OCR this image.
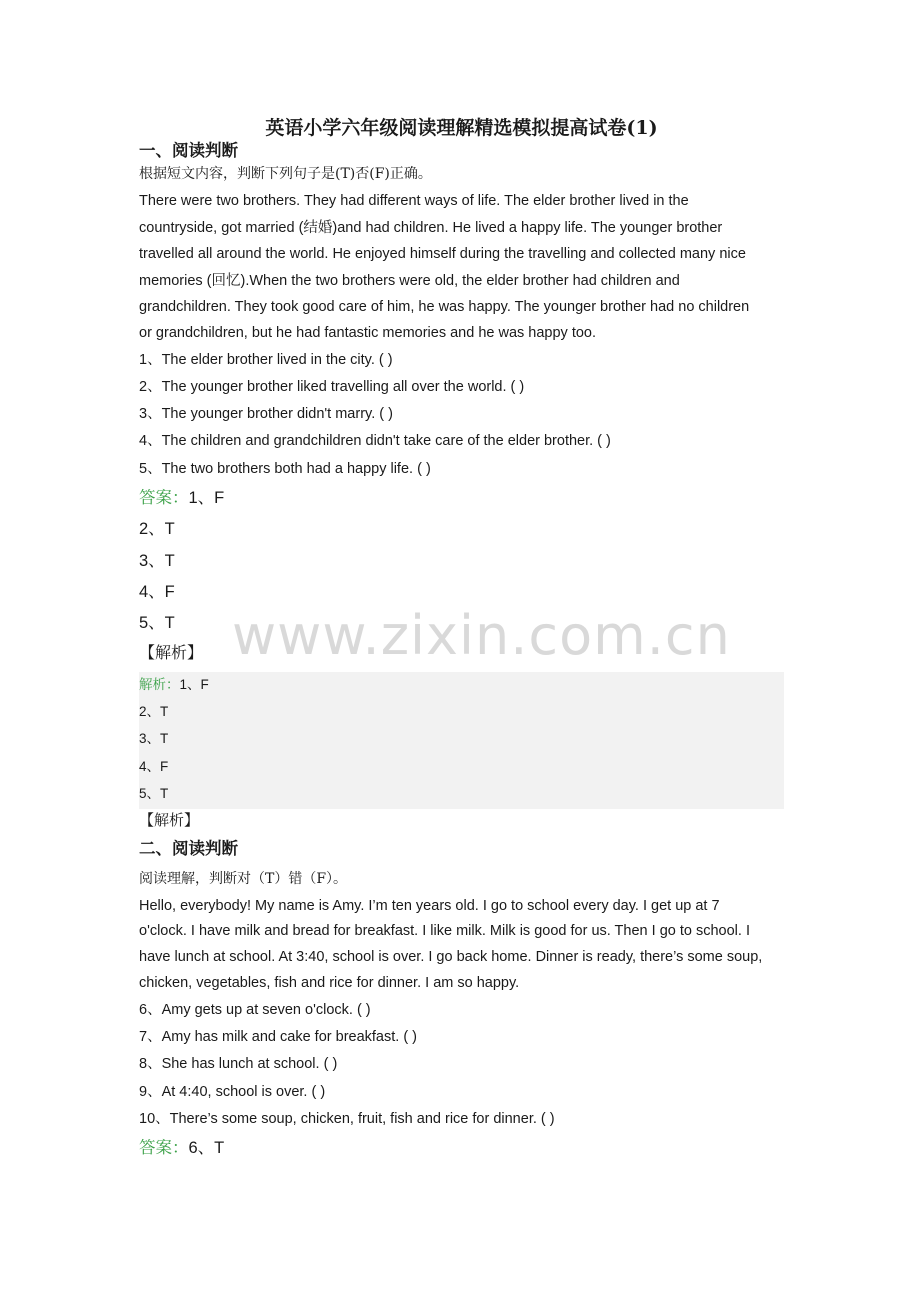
英语小学六年级阅读理解精选模拟提高试卷(1)
一、阅读判断
根据短文内容，判断下列句子是(T)否(F)正确。
There were two brothers. They had different ways of life. The elder brother lived in the
countryside, got married (结婚)and had children. He lived a happy life. The younger brother
travelled all around the world. He enjoyed himself during the travelling and collected many nice
memories (回忆).When the two brothers were old, the elder brother had children and
grandchildren. They took good care of him, he was happy. The younger brother had no children
or grandchildren, but he had fantastic memories and he was happy too.
1、The elder brother lived in the city. ( )
2、The younger brother liked travelling all over the world. ( )
3、The younger brother didn't marry. ( )
4、The children and grandchildren didn't take care of the elder brother. ( )
5、The two brothers both had a happy life. ( )
答案：1、F
2、T
3、T
4、F
5、T
【解析】
解析：1、F
2、T
3、T
4、F
5、T
【解析】
二、阅读判断
阅读理解，判断对（T）错（F）。
Hello, everybody! My name is Amy. I’m ten years old. I go to school every day. I get up at 7
o'clock. I have milk and bread for breakfast. I like milk. Milk is good for us. Then I go to school. I
have lunch at school. At 3:40, school is over. I go back home. Dinner is ready, there’s some soup,
chicken, vegetables, fish and rice for dinner. I am so happy.
6、Amy gets up at seven o'clock. ( )
7、Amy has milk and cake for breakfast. ( )
8、She has lunch at school. ( )
9、At 4:40, school is over. ( )
10、There’s some soup, chicken, fruit, fish and rice for dinner. ( )
答案：6、T
www.zixin.com.cn
